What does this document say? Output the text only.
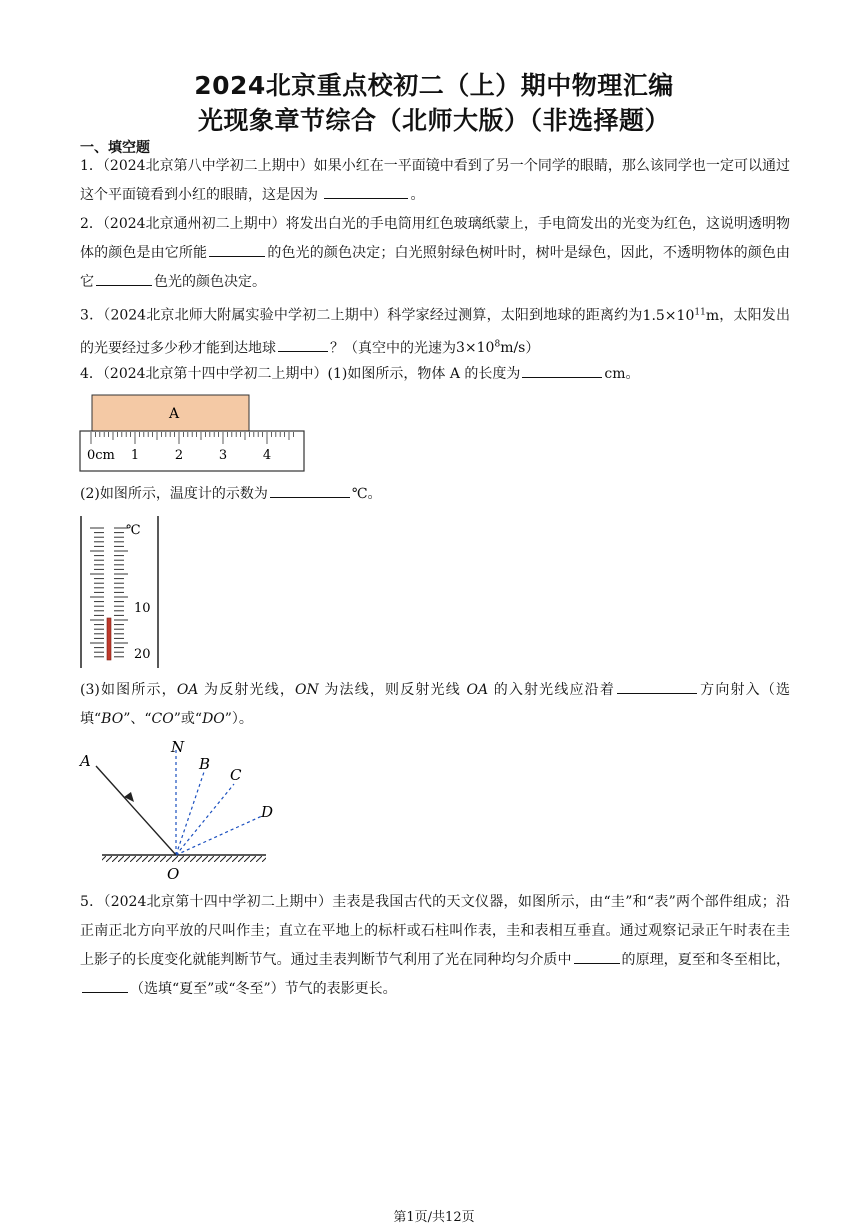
2024北京重点校初二（上）期中物理汇编
光现象章节综合（北师大版）（非选择题）
一、填空题
1．（2024北京第八中学初二上期中）如果小红在一平面镜中看到了另一个同学的眼睛，那么该同学也一定可以通过这个平面镜看到小红的眼睛，这是因为	。
2．（2024北京通州初二上期中）将发出白光的手电筒用红色玻璃纸蒙上，手电筒发出的光变为红色，这说明透明物体的颜色是由它所能	的色光的颜色决定；白光照射绿色树叶时，树叶是绿色，因此，不透明物体的颜色由它	色光的颜色决定。
3．（2024北京北师大附属实验中学初二上期中）科学家经过测算，太阳到地球的距离约为$1.5\times 10^{11}m$，太阳发出的光要经过多少秒才能到达地球	？（真空中的光速为$3\times 10^8m/s$）
4．（2024北京第十四中学初二上期中）(1)如图所示，物体 A 的长度为	cm。
A
0cm 1	2	3	4
(2)如图所示，温度计的示数为	℃。
℃
10
20
(3)如图所示，OA 为反射光线，ON 为法线，则反射光线 OA 的入射光线应沿着	方向射入（选填“BO”、“CO”或“DO”）。
A
N
B
C
D
O
5．（2024北京第十四中学初二上期中）圭表是我国古代的天文仪器，如图所示，由“圭”和“表”两个部件组成；沿正南正北方向平放的尺叫作圭；直立在平地上的标杆或石柱叫作表，圭和表相互垂直。通过观察记录正午时表在圭上影子的长度变化就能判断节气。通过圭表判断节气利用了光在同种均匀介质中	的原理，夏至和冬至相比，（选填“夏至”或“冬至”）节气的表影更长。
第1页/共12页
